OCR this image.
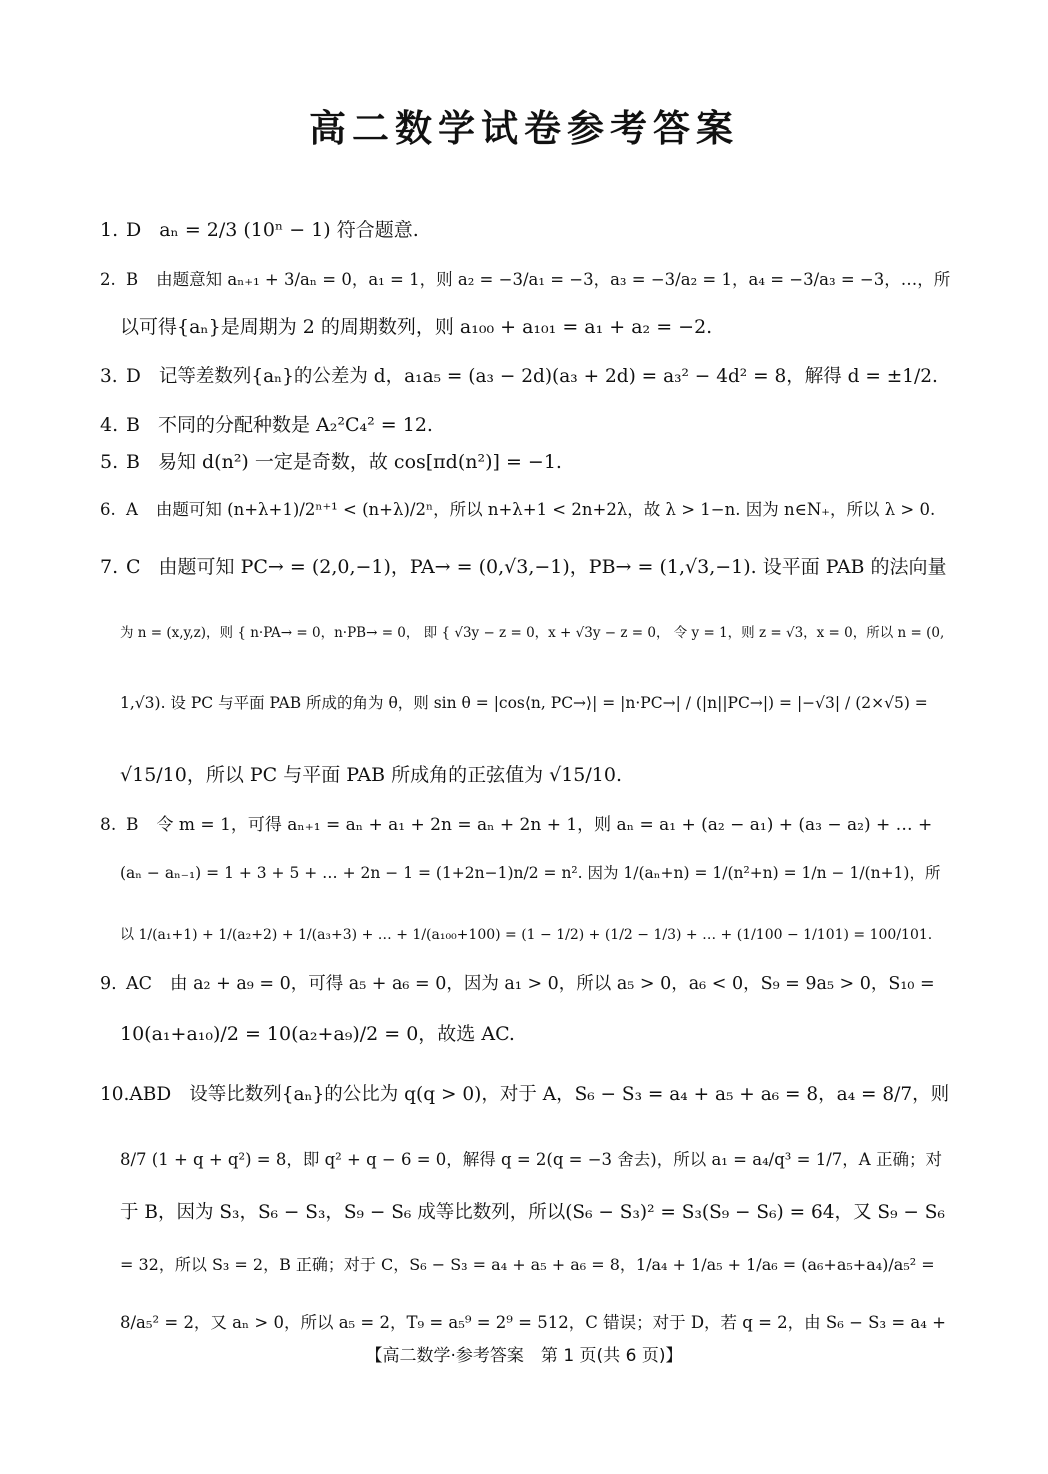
高二数学试卷参考答案
1. D aₙ = 2/3 (10ⁿ − 1) 符合题意.
2. B 由题意知 aₙ₊₁ + 3/aₙ = 0，a₁ = 1，则 a₂ = −3/a₁ = −3，a₃ = −3/a₂ = 1，a₄ = −3/a₃ = −3，…，所
以可得{aₙ}是周期为 2 的周期数列，则 a₁₀₀ + a₁₀₁ = a₁ + a₂ = −2.
3. D 记等差数列{aₙ}的公差为 d，a₁a₅ = (a₃ − 2d)(a₃ + 2d) = a₃² − 4d² = 8，解得 d = ±1/2.
4. B 不同的分配种数是 A₂²C₄² = 12.
5. B 易知 d(n²) 一定是奇数，故 cos[πd(n²)] = −1.
6. A 由题可知 (n+λ+1)/2ⁿ⁺¹ < (n+λ)/2ⁿ，所以 n+λ+1 < 2n+2λ，故 λ > 1−n. 因为 n∈N₊，所以 λ > 0.
7. C 由题可知 PC→ = (2,0,−1)，PA→ = (0,√3,−1)，PB→ = (1,√3,−1). 设平面 PAB 的法向量
为 n = (x,y,z)，则 { n·PA→ = 0，n·PB→ = 0， 即 { √3y − z = 0，x + √3y − z = 0， 令 y = 1，则 z = √3，x = 0，所以 n = (0,
1,√3). 设 PC 与平面 PAB 所成的角为 θ，则 sin θ = |cos⟨n, PC→⟩| = |n·PC→| / (|n||PC→|) = |−√3| / (2×√5) =
√15/10，所以 PC 与平面 PAB 所成角的正弦值为 √15/10.
8. B 令 m = 1，可得 aₙ₊₁ = aₙ + a₁ + 2n = aₙ + 2n + 1，则 aₙ = a₁ + (a₂ − a₁) + (a₃ − a₂) + … +
(aₙ − aₙ₋₁) = 1 + 3 + 5 + … + 2n − 1 = (1+2n−1)n/2 = n². 因为 1/(aₙ+n) = 1/(n²+n) = 1/n − 1/(n+1)，所
以 1/(a₁+1) + 1/(a₂+2) + 1/(a₃+3) + … + 1/(a₁₀₀+100) = (1 − 1/2) + (1/2 − 1/3) + … + (1/100 − 1/101) = 100/101.
9. AC 由 a₂ + a₉ = 0，可得 a₅ + a₆ = 0，因为 a₁ > 0，所以 a₅ > 0，a₆ < 0，S₉ = 9a₅ > 0，S₁₀ =
10(a₁+a₁₀)/2 = 10(a₂+a₉)/2 = 0，故选 AC.
10.ABD 设等比数列{aₙ}的公比为 q(q > 0)，对于 A，S₆ − S₃ = a₄ + a₅ + a₆ = 8，a₄ = 8/7，则
8/7 (1 + q + q²) = 8，即 q² + q − 6 = 0，解得 q = 2(q = −3 舍去)，所以 a₁ = a₄/q³ = 1/7，A 正确；对
于 B，因为 S₃，S₆ − S₃，S₉ − S₆ 成等比数列，所以(S₆ − S₃)² = S₃(S₉ − S₆) = 64，又 S₉ − S₆
= 32，所以 S₃ = 2，B 正确；对于 C，S₆ − S₃ = a₄ + a₅ + a₆ = 8，1/a₄ + 1/a₅ + 1/a₆ = (a₆+a₅+a₄)/a₅² =
8/a₅² = 2，又 aₙ > 0，所以 a₅ = 2，T₉ = a₅⁹ = 2⁹ = 512，C 错误；对于 D，若 q = 2，由 S₆ − S₃ = a₄ +
【高二数学·参考答案　第 1 页(共 6 页)】
